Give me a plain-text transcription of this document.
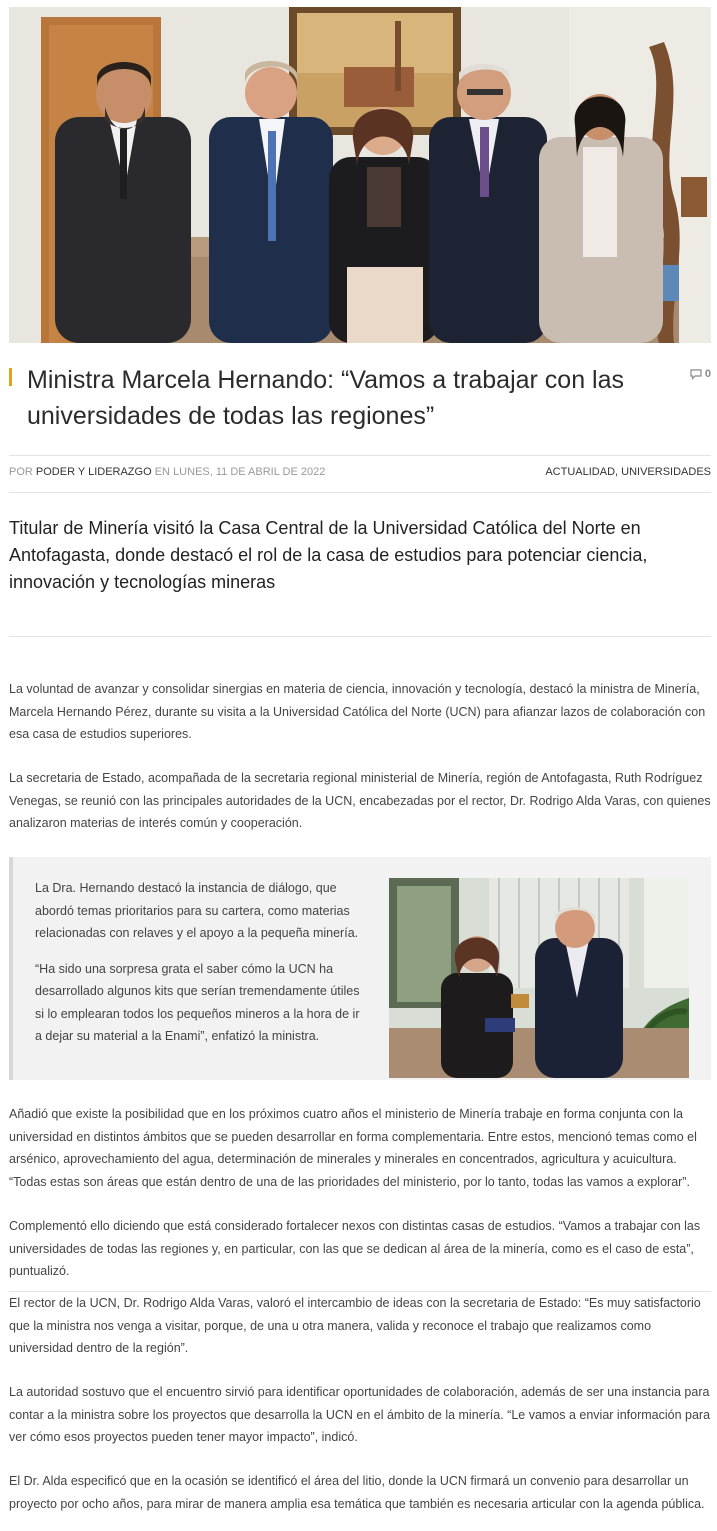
Ministra Marcela Hernando: “Vamos a trabajar con las universidades de todas las regiones”
0
POR PODER Y LIDERAZGO EN LUNES, 11 DE ABRIL DE 2022	ACTUALIDAD, UNIVERSIDADES
Titular de Minería visitó la Casa Central de la Universidad Católica del Norte en Antofagasta, donde destacó el rol de la casa de estudios para potenciar ciencia, innovación y tecnologías mineras

La voluntad de avanzar y consolidar sinergias en materia de ciencia, innovación y tecnología, destacó la ministra de Minería, Marcela Hernando Pérez, durante su visita a la Universidad Católica del Norte (UCN) para afianzar lazos de colaboración con esa casa de estudios superiores.

La secretaria de Estado, acompañada de la secretaria regional ministerial de Minería, región de Antofagasta, Ruth Rodríguez Venegas, se reunió con las principales autoridades de la UCN, encabezadas por el rector, Dr. Rodrigo Alda Varas, con quienes analizaron materias de interés común y cooperación.

La Dra. Hernando destacó la instancia de diálogo, que abordó temas prioritarios para su cartera, como materias relacionadas con relaves y el apoyo a la pequeña minería.

“Ha sido una sorpresa grata el saber cómo la UCN ha desarrollado algunos kits que serían tremendamente útiles si lo emplearan todos los pequeños mineros a la hora de ir a dejar su material a la Enami”, enfatizó la ministra.

Añadió que existe la posibilidad que en los próximos cuatro años el ministerio de Minería trabaje en forma conjunta con la universidad en distintos ámbitos que se pueden desarrollar en forma complementaria. Entre estos, mencionó temas como el arsénico, aprovechamiento del agua, determinación de minerales y minerales en concentrados, agricultura y acuicultura. “Todas estas son áreas que están dentro de una de las prioridades del ministerio, por lo tanto, todas las vamos a explorar”.

Complementó ello diciendo que está considerado fortalecer nexos con distintas casas de estudios. “Vamos a trabajar con las universidades de todas las regiones y, en particular, con las que se dedican al área de la minería, como es el caso de esta”, puntualizó.

El rector de la UCN, Dr. Rodrigo Alda Varas, valoró el intercambio de ideas con la secretaria de Estado: “Es muy satisfactorio que la ministra nos venga a visitar, porque, de una u otra manera, valida y reconoce el trabajo que realizamos como universidad dentro de la región”.

La autoridad sostuvo que el encuentro sirvió para identificar oportunidades de colaboración, además de ser una instancia para contar a la ministra sobre los proyectos que desarrolla la UCN en el ámbito de la minería. “Le vamos a enviar información para ver cómo esos proyectos pueden tener mayor impacto”, indicó.

El Dr. Alda especificó que en la ocasión se identificó el área del litio, donde la UCN firmará un convenio para desarrollar un proyecto por ocho años, para mirar de manera amplia esa temática que también es necesaria articular con la agenda pública.
